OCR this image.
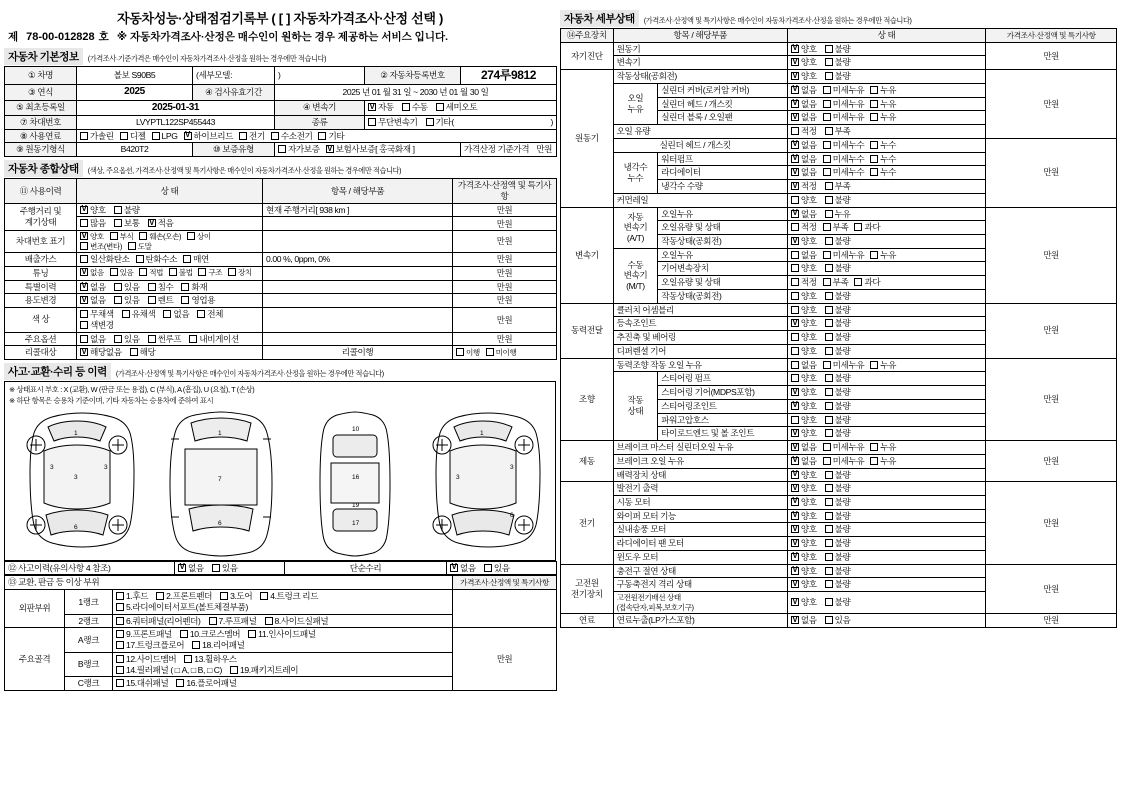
자동차성능·상태점검기록부 ( [ ] 자동차가격조사·산정 선택 )
제 78-00-012828 호 ※ 자동차가격조사·산정은 매수인이 원하는 경우 제공하는 서비스 입니다.
자동차 기본정보	(가격조사·기준가격은 매수인이 자동차가격조사·산정을 원하는 경우에만 적습니다)
① 차명	볼보 S90B5	(세부모델:	)	② 자동차등록번호	274루9812
③ 연식	2025	④ 검사유효기간	2025 년 01 월 31 일 ~ 2030 년 01 월 30 일		
⑤ 최초등록일	2025-01-31		④ 변속기	V자동 수동 세미오토
⑦ 차대번호	LVYPTL122SP455443		종류	무단변속기 기타( )	

⑧ 사용연료	가솔린 디젤 LPG V 하이브리드 전기 수소전기 기타
⑨ 원동기형식	B420T2	⑩ 보증유형	자가보증 V 보험사보증[ 홍국화재 ]		가격산정 기준가격 만원
자동차 종합상태	(색상, 주요옵션, 가격조사·산정액 및 특기사항은 매수인이 자동차가격조사·산정을 원하는 경우에만 적습니다)
⑪ 사용이력	상 태	항목 / 해당부품	가격조사·산정액 및 특기사항
주행거리 및
계기상태	V양호 불량	현재 주행거리[ 938 km ]	만원
	많음 보통 V 적음		만원
차대번호 표기	V양호 부식 훼손(오손) 상이 변조(변타) 도말		만원
배출가스	일산화탄소 탄화수소 매연	0.00 %, 0ppm, 0%	만원
튜닝	V없음 있음 적법 불법 구조 장치		만원
특별이력	V없음 있음 침수 화재		만원
용도변경	V없음 있음 렌트 영업용		만원
색 상	무채색 유채색 없음 전체 색변경		만원
주요옵션	없음 있음 썬루프 내비게이션		만원
리콜대상	V해당없음 해당	리콜이행	이행 미이행
사고·교환·수리 등 이력	(가격조사·산정액 및 특기사항은 매수인이 자동차가격조사·산정을 원하는 경우에만 적습니다)
※ 상태표시 부호 : X (교환), W (판금 또는 용접), C (부식), A (흠집), U (요철), T (손상)
※ 하단 항목은 승용차 기준이며, 기타 자동차는 승용차에 준하여 표시
1
3
3	3
6
1
7
6
10
16
19
17
1
3
3
6
⑫ 사고이력(유의사항 4 참조)	V없음 있음	단순수리	V없음 있음
⑬ 교환, 판금 등 이상 부위			가격조사·산정액 및 특기사항
외판부위	1랭크	1.후드 2.프론트펜더 3.도어 4.트렁크 리드
5.라디에이터서포트(볼트체결부품)	

	2랭크	6.쿼터패널(리어펜더) 7.루프패널 8.사이드실패널	
주요골격	A랭크	9.프론트패널 10.크로스멤버 11.인사이드패널
17.트렁크플로어 18.리어패널	만원
	B랭크	12.사이드멤버 13.휠하우스
14.필러패널 ( □ A, □ B, □ C) 19.패키지트레이	

	C랭크	15.대쉬패널 16.플로어패널	
자동차 세부상태	(가격조사·산정액 및 특기사항은 매수인이 자동차가격조사·산정을 원하는 경우에만 적습니다)
⑭주요장치	항목 / 해당부품		상 태	가격조사·산정액 및 특기사항
자기진단	원동기	V양호 불량	만원
	변속기	V양호 불량
원동기	작동상태(공회전)	V양호 불량	만원
	오일
누유	실린더 커버(로커암 커버)	V없음 미세누유 누유
		실린더 헤드 / 개스킷	V없음 미세누유 누유
		실린더 블록 / 오일팬	V없음 미세누유 누유
	오일 유량		적정 부족	
	실린더 헤드 / 개스킷	V없음 미세누수 누수	만원
	냉각수
누수	워터펌프	V없음 미세누수 누수
		라디에이터	V없음 미세누수 누수
		냉각수 수량	V적정 부족
	커먼레일		양호 불량	
변속기	자동
변속기
(A/T)	오일누유	V없음 누유	만원
		오일유량 및 상태	적정 부족 과다	
		작동상태(공회전)	V양호 불량
	수동
변속기
(M/T)	오일누유	없음 미세누유 누유	
		기어변속장치	양호 불량	
		오일유량 및 상태	적정 부족 과다	
		작동상태(공회전)	양호 불량	
동력전달	클러치 어셈블리		양호 불량	만원
	등속조인트	V양호 불량
	추진축 및 베어링		양호 불량	
	디퍼렌셜 기어		양호 불량	
조향	동력조향 작동 오일 누유		없음 미세누유 누유	만원
	작동
상태	스티어링 펌프	양호 불량	
		스티어링 기어(MDPS포함)	V양호 불량
		스티어링조인트	V양호 불량
		파워고압호스	양호 불량	
		타이로드엔드 및 볼 조인트	V양호 불량
제동	브레이크 마스터 실린더오일 누유	V없음 미세누유 누유	만원
	브레이크 오일 누유	V없음 미세누유 누유
	배력장치 상태	V양호 불량
전기	발전기 출력	V양호 불량	만원
	시동 모터	V양호 불량
	와이퍼 모터 기능	V양호 불량
	실내송풍 모터	V양호 불량
	라디에이터 팬 모터	V양호 불량
	윈도우 모터	V양호 불량
고전원
전기장치	충전구 절연 상태	V양호 불량	만원
	구동축전지 격리 상태	V양호 불량
	고전원전기배선 상태
(접속단자,피복,보호기구)	V양호 불량
연료	연료누출(LP가스포함)	V없음 있음	만원
